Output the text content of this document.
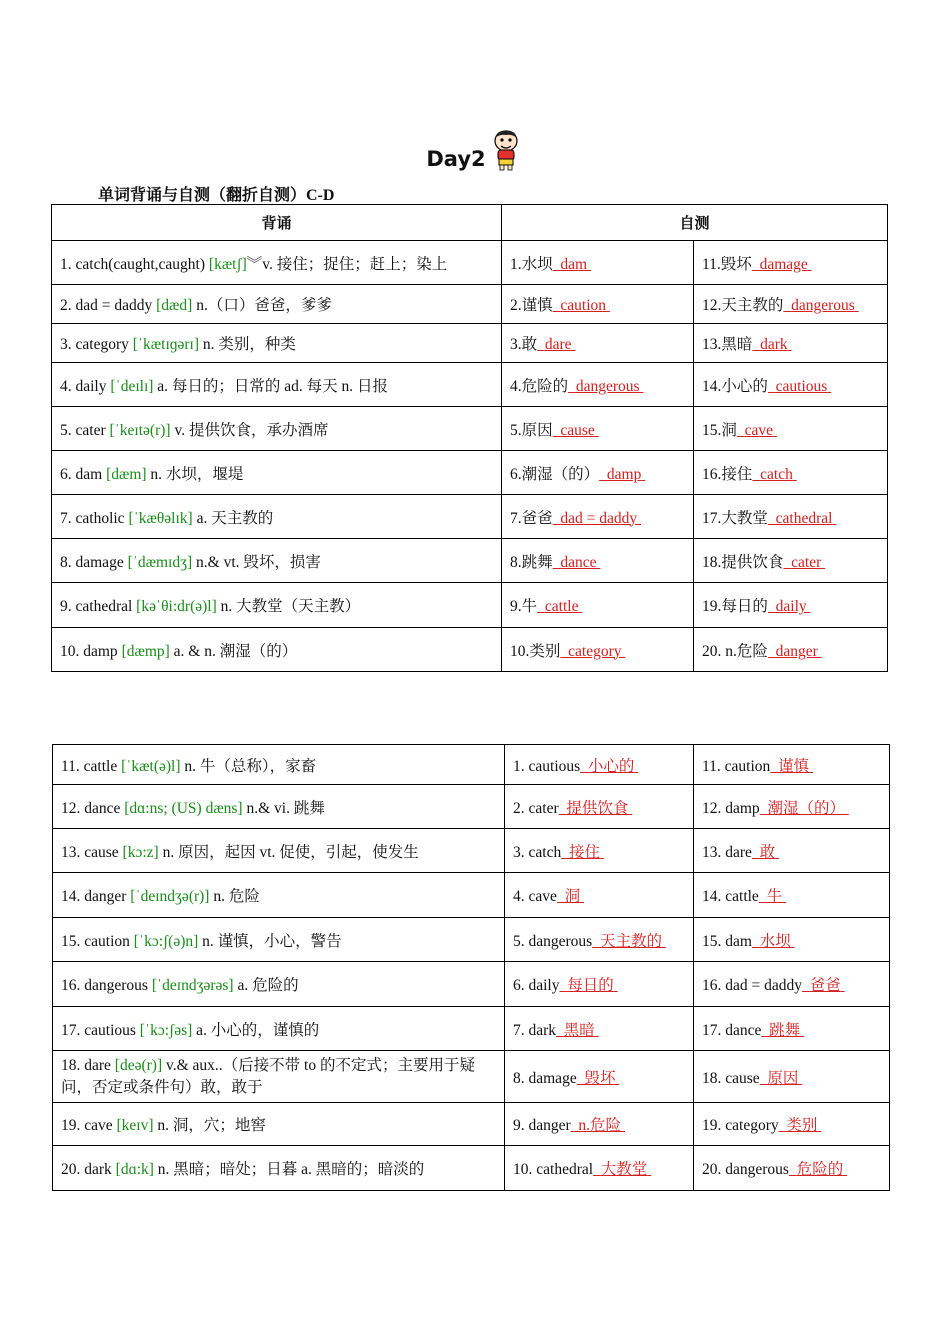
Day2
单词背诵与自测（翻折自测）C-D
背诵	自测	
1. catch(caught,caught) [kætʃ]︾v. 接住；捉住；赶上；染上	1.水坝 dam	11.毁坏 damage
2. dad = daddy [dæd] n.（口）爸爸，爹爹	2.谨慎 caution	12.天主教的 dangerous
3. category [ˈkætɪɡərɪ] n. 类别，种类	3.敢 dare	13.黑暗 dark
4. daily [ˈdeɪlɪ] a. 每日的；日常的 ad. 每天 n. 日报	4.危险的 dangerous	14.小心的 cautious
5. cater [ˈkeɪtə(r)] v. 提供饮食，承办酒席	5.原因 cause	15.洞 cave
6. dam [dæm] n. 水坝，堰堤	6.潮湿（的） damp	16.接住 catch
7. catholic [ˈkæθəlɪk] a. 天主教的	7.爸爸 dad = daddy	17.大教堂 cathedral
8. damage [ˈdæmɪdʒ] n.& vt. 毁坏，损害	8.跳舞 dance	18.提供饮食 cater
9. cathedral [kəˈθi:dr(ə)l] n. 大教堂（天主教）	9.牛 cattle	19.每日的 daily
10. damp [dæmp] a. & n. 潮湿（的）	10.类别 category	20. n.危险 danger
11. cattle [ˈkæt(ə)l] n. 牛（总称），家畜	1. cautious 小心的	11. caution 谨慎
12. dance [dɑ:ns; (US) dæns] n.& vi. 跳舞	2. cater 提供饮食	12. damp 潮湿（的）
13. cause [kɔ:z] n. 原因，起因 vt. 促使，引起，使发生	3. catch 接住	13. dare 敢
14. danger [ˈdeɪndʒə(r)] n. 危险	4. cave 洞	14. cattle 牛
15. caution [ˈkɔ:ʃ(ə)n] n. 谨慎，小心，警告	5. dangerous 天主教的	15. dam 水坝
16. dangerous [ˈdeɪndʒərəs] a. 危险的	6. daily 每日的	16. dad = daddy 爸爸
17. cautious [ˈkɔ:ʃəs] a. 小心的，谨慎的	7. dark 黑暗	17. dance 跳舞
18. dare [deə(r)] v.& aux..（后接不带 to 的不定式；主要用于疑问，否定或条件句）敢，敢于	8. damage 毁坏	18. cause 原因
19. cave [keɪv] n. 洞，穴；地窖	9. danger n.危险	19. category 类别
20. dark [dɑ:k] n. 黑暗；暗处；日暮 a. 黑暗的；暗淡的	10. cathedral 大教堂	20. dangerous 危险的
